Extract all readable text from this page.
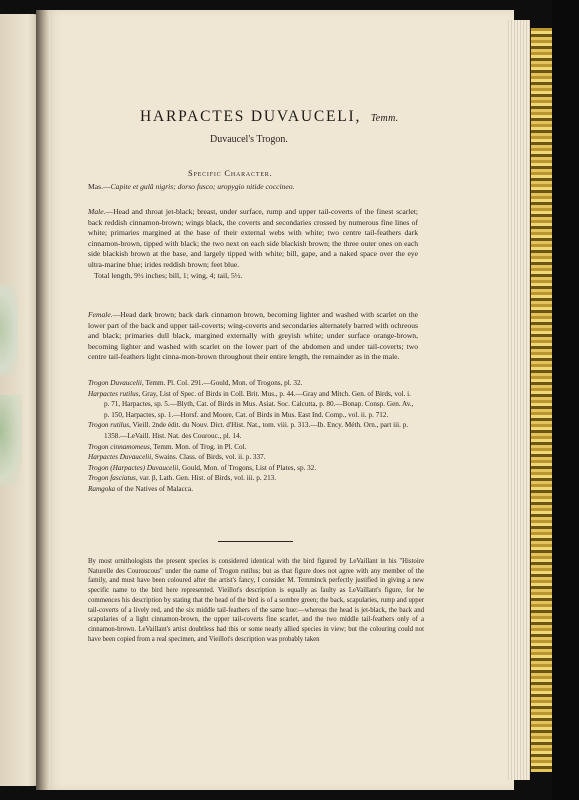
HARPACTES DUVAUCELI, Temm.
Duvaucel's Trogon.
Specific Character.
Mas.—Capite et gulâ nigris; dorso fusco; uropygio nitide coccineo.
Male.—Head and throat jet-black; breast, under surface, rump and upper tail-coverts of the finest scarlet; back reddish cinnamon-brown; wings black, the coverts and secondaries crossed by numerous fine lines of white; primaries margined at the base of their external webs with white; two centre tail-feathers dark cinnamon-brown, tipped with black; the two next on each side blackish brown; the three outer ones on each side blackish brown at the base, and largely tipped with white; bill, gape, and a naked space over the eye ultra-marine blue; irides reddish brown; feet blue.
Total length, 9½ inches; bill, 1; wing, 4; tail, 5½.
Female.—Head dark brown; back dark cinnamon brown, becoming lighter and washed with scarlet on the lower part of the back and upper tail-coverts; wing-coverts and secondaries alternately barred with ochreous and black; primaries dull black, margined externally with greyish white; under surface orange-brown, becoming lighter and washed with scarlet on the lower part of the abdomen and under tail-coverts; two centre tail-feathers light cinna-mon-brown throughout their entire length, the remainder as in the male.

Trogon Duvaucelii, Temm. Pl. Col. 291.—Gould, Mon. of Trogons, pl. 32.

Harpactes rutilus, Gray, List of Spec. of Birds in Coll. Brit. Mus., p. 44.—Gray and Mitch. Gen. of Birds, vol. i. p. 71, Harpactes, sp. 5.—Blyth, Cat. of Birds in Mus. Asiat. Soc. Calcutta, p. 80.—Bonap. Consp. Gen. Av., p. 150, Harpactes, sp. 1.—Horsf. and Moore, Cat. of Birds in Mus. East Ind. Comp., vol. ii. p. 712.

Trogon rutilus, Vieill. 2nde édit. du Nouv. Dict. d'Hist. Nat., tom. viii. p. 313.—Ib. Ency. Méth. Orn., part iii. p. 1358.—LeVaill. Hist. Nat. des Courouc., pl. 14.

Trogon cinnamomeus, Temm. Mon. of Trog. in Pl. Col.

Harpactes Duvaucelii, Swains. Class. of Birds, vol. ii. p. 337.

Trogon (Harpactes) Duvaucelii, Gould, Mon. of Trogons, List of Plates, sp. 32.

Trogon fasciatus, var. β, Lath. Gen. Hist. of Birds, vol. iii. p. 213.

Ramgoka of the Natives of Malacca.

By most ornithologists the present species is considered identical with the bird figured by LeVaillant in his "Histoire Naturelle des Couroucous" under the name of Trogon rutilus; but as that figure does not agree with any member of the family, and must have been coloured after the artist's fancy, I consider M. Temminck perfectly justified in giving a new specific name to the bird here represented. Vieillot's description is equally as faulty as LeVaillant's figure, for he commences his description by stating that the head of the bird is of a sombre green; the back, scapularies, rump and upper tail-coverts of a lively red, and the six middle tail-feathers of the same hue:—whereas the head is jet-black, the back and scapularies of a light cinnamon-brown, the upper tail-coverts fine scarlet, and the two middle tail-feathers only of a cinnamon-brown. LeVaillant's artist doubtless had this or some nearly allied species in view; but the colouring could not have been copied from a real specimen, and Vieillot's description was probably taken
